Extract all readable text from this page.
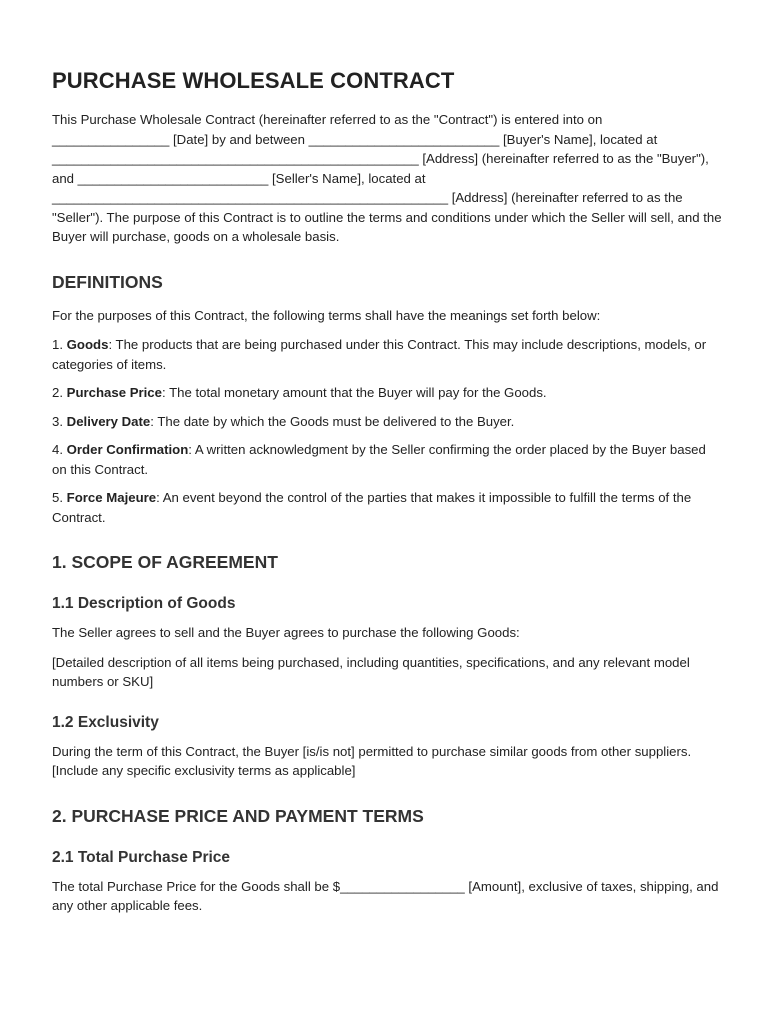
PURCHASE WHOLESALE CONTRACT

This Purchase Wholesale Contract (hereinafter referred to as the "Contract") is entered into on ________________ [Date] by and between __________________________ [Buyer's Name], located at __________________________________________________ [Address] (hereinafter referred to as the "Buyer"), and __________________________ [Seller's Name], located at ______________________________________________________ [Address] (hereinafter referred to as the "Seller"). The purpose of this Contract is to outline the terms and conditions under which the Seller will sell, and the Buyer will purchase, goods on a wholesale basis.

DEFINITIONS

For the purposes of this Contract, the following terms shall have the meanings set forth below:

1. Goods: The products that are being purchased under this Contract. This may include descriptions, models, or categories of items.

2. Purchase Price: The total monetary amount that the Buyer will pay for the Goods.

3. Delivery Date: The date by which the Goods must be delivered to the Buyer.

4. Order Confirmation: A written acknowledgment by the Seller confirming the order placed by the Buyer based on this Contract.

5. Force Majeure: An event beyond the control of the parties that makes it impossible to fulfill the terms of the Contract.

1. SCOPE OF AGREEMENT
1.1 Description of Goods

The Seller agrees to sell and the Buyer agrees to purchase the following Goods:

[Detailed description of all items being purchased, including quantities, specifications, and any relevant model numbers or SKU]

1.2 Exclusivity

During the term of this Contract, the Buyer [is/is not] permitted to purchase similar goods from other suppliers. [Include any specific exclusivity terms as applicable]

2. PURCHASE PRICE AND PAYMENT TERMS
2.1 Total Purchase Price

The total Purchase Price for the Goods shall be $_________________ [Amount], exclusive of taxes, shipping, and any other applicable fees.
